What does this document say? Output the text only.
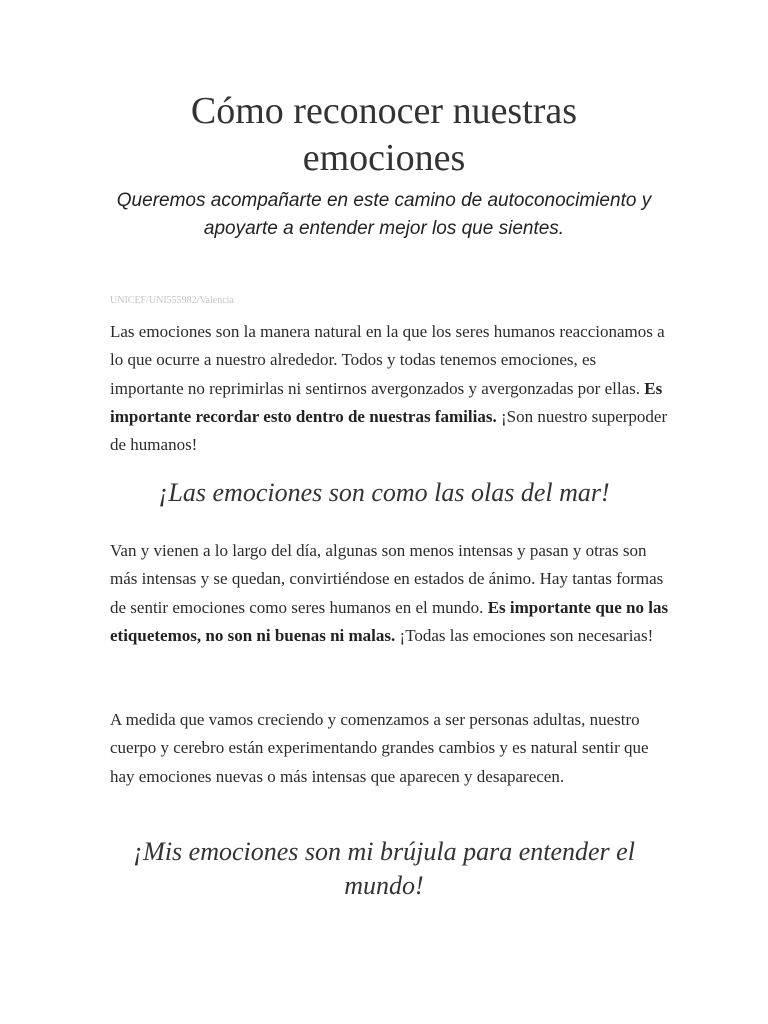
Cómo reconocer nuestras emociones

Queremos acompañarte en este camino de autoconocimiento y apoyarte a entender mejor los que sientes.

UNICEF/UNI555982/Valencia

Las emociones son la manera natural en la que los seres humanos reaccionamos a lo que ocurre a nuestro alrededor. Todos y todas tenemos emociones, es importante no reprimirlas ni sentirnos avergonzados y avergonzadas por ellas. Es importante recordar esto dentro de nuestras familias. ¡Son nuestro superpoder de humanos!

¡Las emociones son como las olas del mar!

Van y vienen a lo largo del día, algunas son menos intensas y pasan y otras son más intensas y se quedan, convirtiéndose en estados de ánimo. Hay tantas formas de sentir emociones como seres humanos en el mundo. Es importante que no las etiquetemos, no son ni buenas ni malas. ¡Todas las emociones son necesarias!

A medida que vamos creciendo y comenzamos a ser personas adultas, nuestro cuerpo y cerebro están experimentando grandes cambios y es natural sentir que hay emociones nuevas o más intensas que aparecen y desaparecen.

¡Mis emociones son mi brújula para entender el mundo!
